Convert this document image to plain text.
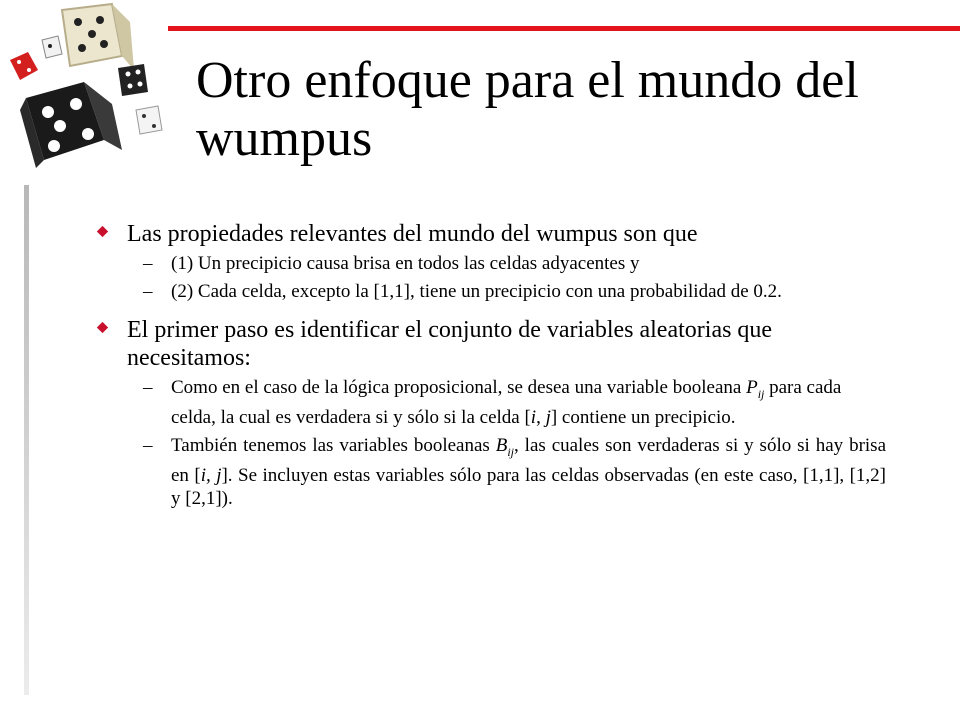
Otro enfoque para el mundo del wumpus
Las propiedades relevantes del mundo del wumpus son que
– (1) Un precipicio causa brisa en todos las celdas adyacentes y
– (2) Cada celda, excepto la [1,1], tiene un precipicio con una probabilidad de 0.2.
El primer paso es identificar el conjunto de variables aleatorias que necesitamos:
– Como en el caso de la lógica proposicional, se desea una variable booleana $P_{ij}$ para cada celda, la cual es verdadera si y sólo si la celda [i, j] contiene un precipicio.
– También tenemos las variables booleanas $B_{ij}$, las cuales son verdaderas si y sólo si hay brisa en [i, j]. Se incluyen estas variables sólo para las celdas observadas (en este caso, [1,1], [1,2] y [2,1]).
